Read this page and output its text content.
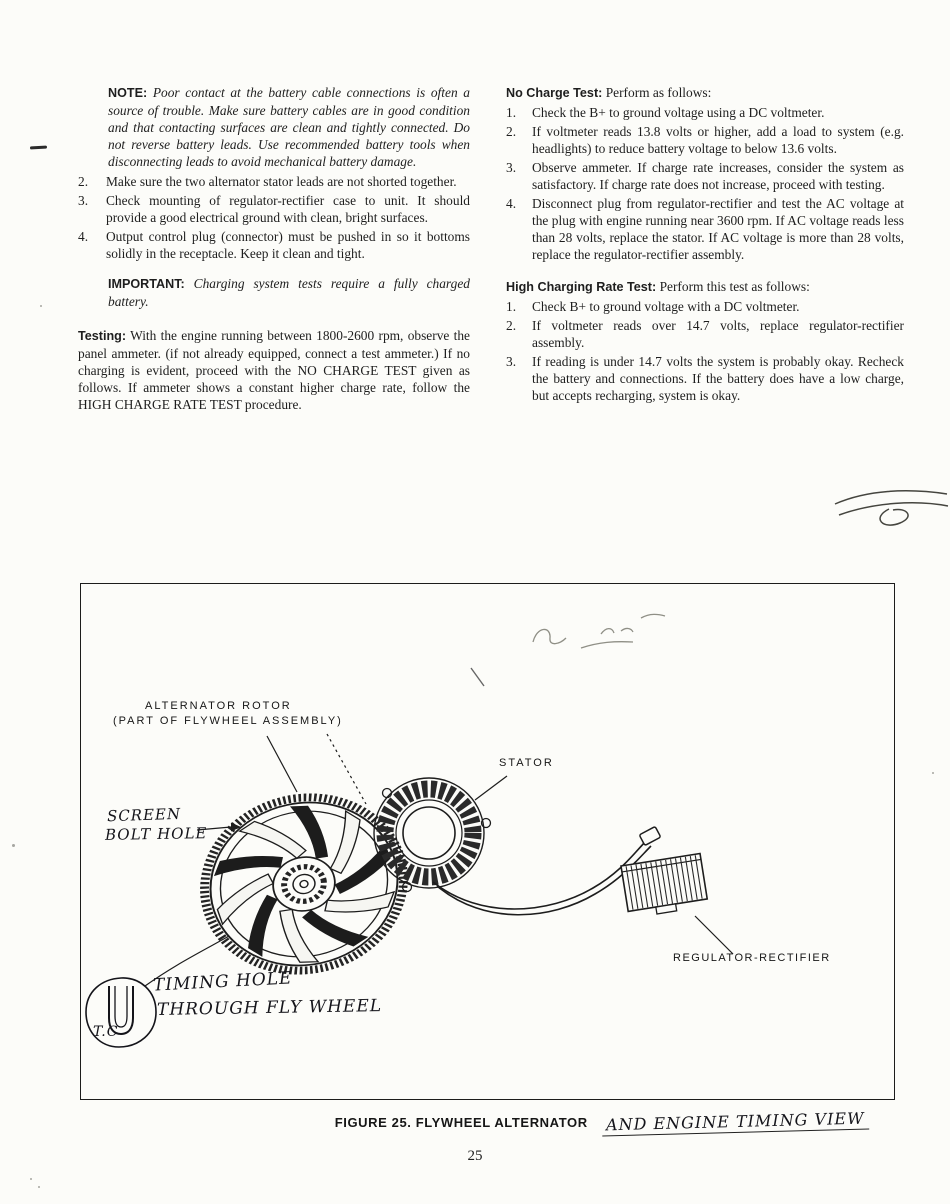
NOTE: Poor contact at the battery cable connections is often a source of trouble. Make sure battery cables are in good condition and that contacting surfaces are clean and tightly connected. Do not reverse battery leads. Use recommended battery tools when disconnecting leads to avoid mechanical battery damage.

2.	Make sure the two alternator stator leads are not shorted together.
3.	Check mounting of regulator-rectifier case to unit. It should provide a good electrical ground with clean, bright surfaces.
4.	Output control plug (connector) must be pushed in so it bottoms solidly in the receptacle. Keep it clean and tight.

IMPORTANT: Charging system tests require a fully charged battery.

Testing: With the engine running between 1800-2600 rpm, observe the panel ammeter. (if not already equipped, connect a test ammeter.) If no charging is evident, proceed with the NO CHARGE TEST given as follows. If ammeter shows a constant higher charge rate, follow the HIGH CHARGE RATE TEST procedure.

No Charge Test: Perform as follows:

1.	Check the B+ to ground voltage using a DC voltmeter.
2.	If voltmeter reads 13.8 volts or higher, add a load to system (e.g. headlights) to reduce battery voltage to below 13.6 volts.
3.	Observe ammeter. If charge rate increases, consider the system as satisfactory. If charge rate does not increase, proceed with testing.
4.	Disconnect plug from regulator-rectifier and test the AC voltage at the plug with engine running near 3600 rpm. If AC voltage reads less than 28 volts, replace the stator. If AC voltage is more than 28 volts, replace the regulator-rectifier assembly.

High Charging Rate Test: Perform this test as follows:

1.	Check B+ to ground voltage with a DC voltmeter.
2.	If voltmeter reads over 14.7 volts, replace regulator-rectifier assembly.
3.	If reading is under 14.7 volts the system is probably okay. Recheck the battery and connections. If the battery does have a low charge, but accepts recharging, system is okay.
ALTERNATOR ROTOR
(PART OF FLYWHEEL ASSEMBLY)
STATOR
REGULATOR-RECTIFIER
SCREEN
BOLT HOLE
TIMING HOLE
THROUGH FLY WHEEL
T.C
FIGURE 25. FLYWHEEL ALTERNATOR AND ENGINE TIMING VIEW
25
